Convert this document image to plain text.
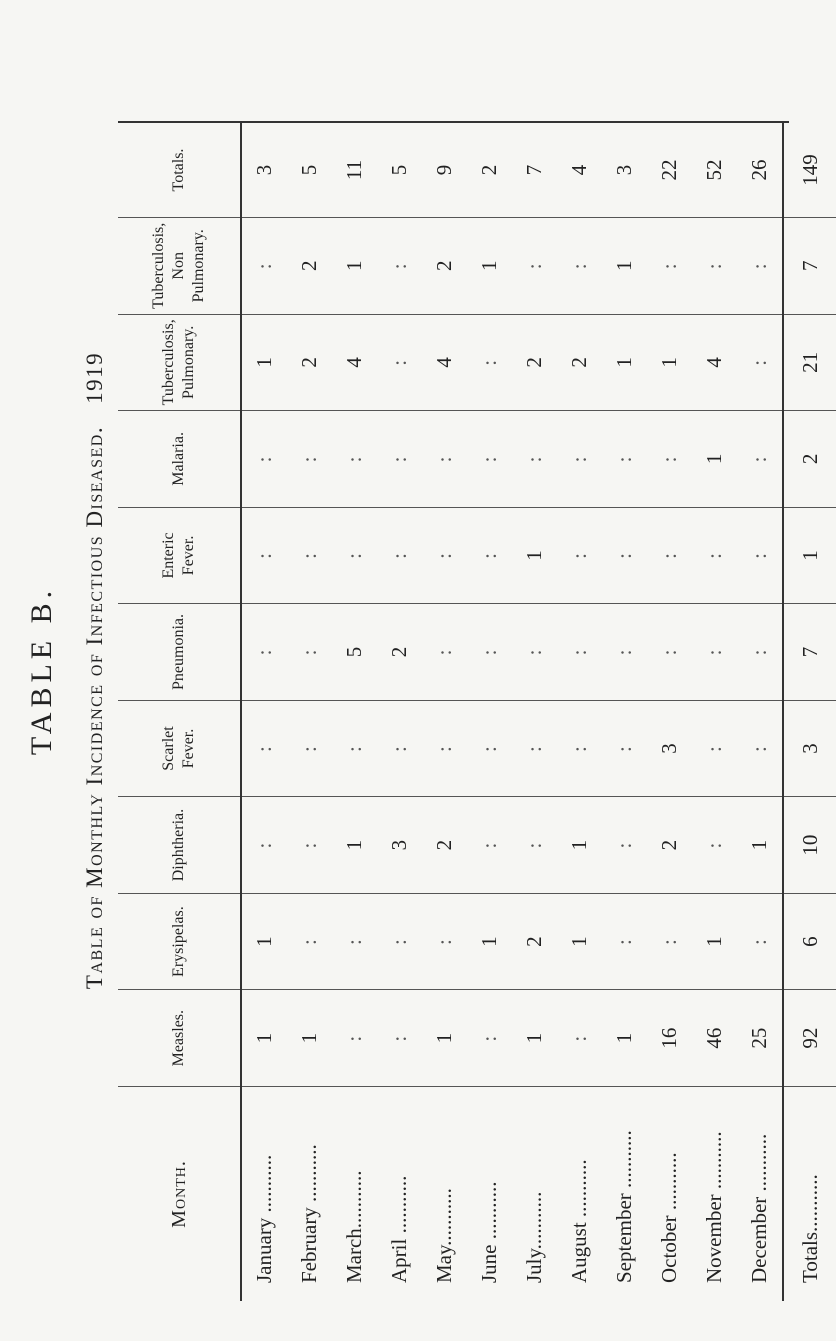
TABLE B. Table of Monthly Incidence of Infectious Diseased.1919
Month.	Measles.	Erysipelas.	Diphtheria.	Scarlet Fever.	Pneumonia.	Enteric Fever.	Malaria.	Tuberculosis, Pulmonary.	Tuberculosis, Non Pulmonary.	Totals.
January ...........	1	1	:	:	:	:	:	1	:	3
February ...........	1	:	:	:	:	:	:	2	2	5
March...........	:	:	1	:	5	:	:	4	1	11
April ...........	:	:	3	:	2	:	:	:	:	5
May...........	1	:	2	:	:	:	:	4	2	9
June ...........	:	1	:	:	:	:	:	:	1	2
July...........	1	2	:	:	:	1	:	2	:	7
August ...........	:	1	1	:	:	:	:	2	:	4
September ...........	1	:	:	:	:	:	:	1	1	3
October ...........	16	:	2	3	:	:	:	1	:	22
November ...........	46	1	:	:	:	:	1	4	:	52
December ...........	25	:	1	:	:	:	:	:	:	26
Totals...........	92	6	10	3	7	1	2	21	7	149
